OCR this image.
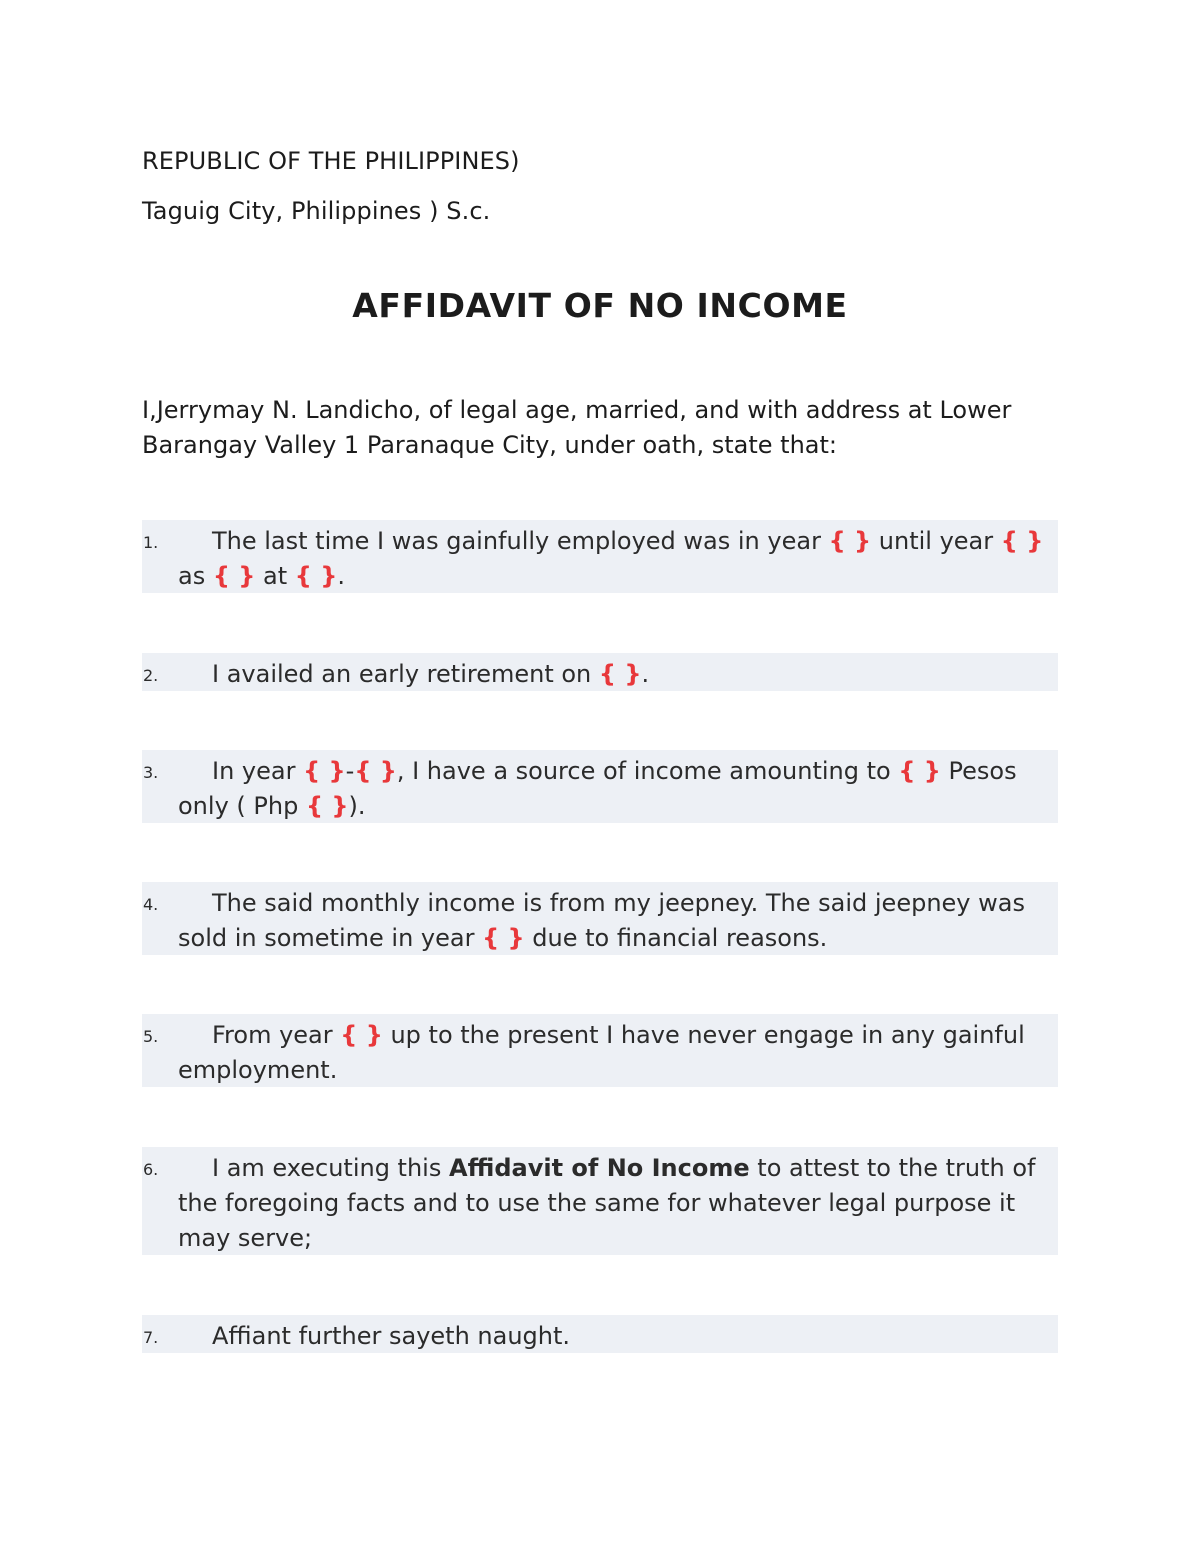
REPUBLIC OF THE PHILIPPINES)
Taguig City, Philippines ) S.c.
AFFIDAVIT OF NO INCOME
I,Jerrymay N. Landicho, of legal age, married, and with address at Lower Barangay Valley 1 Paranaque City, under oath, state that:
1. The last time I was gainfully employed was in year { } until year { } as { } at { }.
2. I availed an early retirement on { }.
3. In year { }-{ }, I have a source of income amounting to { } Pesos only ( Php { }).
4. The said monthly income is from my jeepney. The said jeepney was sold in sometime in year { } due to financial reasons.
5. From year { } up to the present I have never engage in any gainful employment.
6. I am executing this Affidavit of No Income to attest to the truth of the foregoing facts and to use the same for whatever legal purpose it may serve;
7. Affiant further sayeth naught.
